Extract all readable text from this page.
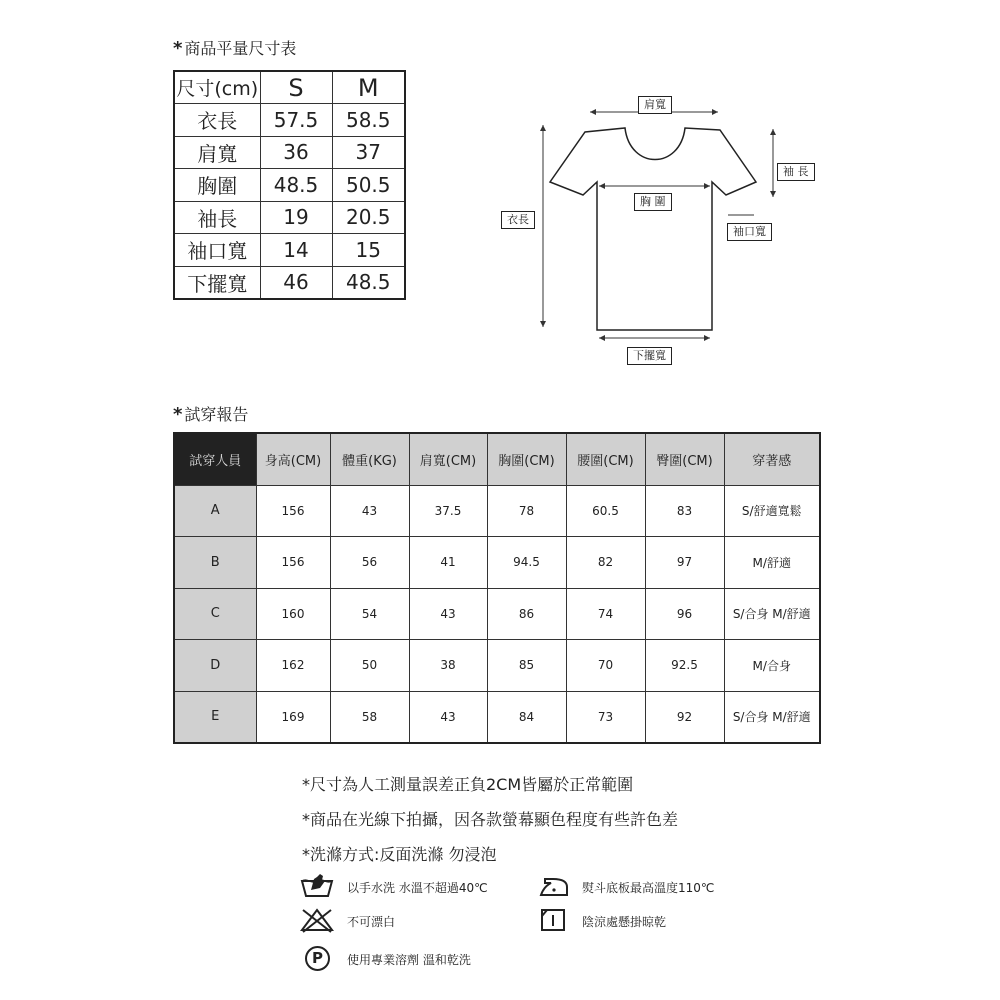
* 商品平量尺寸表
尺寸(cm)	S	M
衣長	57.5	58.5
肩寬	36	37
胸圍	48.5	50.5
袖長	19	20.5
袖口寬	14	15
下擺寬	46	48.5
肩寬
胸 圍
衣長
袖 長
袖口寬
下擺寬
* 試穿報告
試穿人員	身高(CM)	體重(KG)	肩寬(CM)	胸圍(CM)	腰圍(CM)	臀圍(CM)	穿著感
A	156	43	37.5	78	60.5	83	S/舒適寬鬆
B	156	56	41	94.5	82	97	M/舒適
C	160	54	43	86	74	96	S/合身 M/舒適
D	162	50	38	85	70	92.5	M/合身
E	169	58	43	84	73	92	S/合身 M/舒適
*尺寸為人工測量誤差正負2CM皆屬於正常範圍
*商品在光線下拍攝，因各款螢幕顯色程度有些許色差
*洗滌方式:反面洗滌 勿浸泡
以手水洗 水溫不超過40℃	熨斗底板最高溫度110℃
不可漂白	陰涼處懸掛晾乾
P	使用專業溶劑 溫和乾洗
